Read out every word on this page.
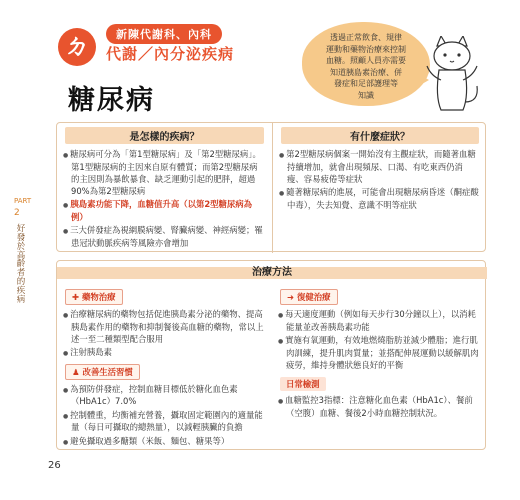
PART
2
好
發
於
高
齡
者
的
疾
病
ㄉ	新陳代謝科、內科
代謝／內分泌疾病
糖尿病
透過正常飲食、規律
運動和藥物治療來控制
血糖。照顧人員亦需要
知道胰島素治療、併
發症和足部護理等
知識
是怎樣的疾病？
● 糖尿病可分為「第1型糖尿病」及「第2型糖尿病」。第1型糖尿病的主因來自原有體質；而第2型糖尿病的主因則為暴飲暴食、缺乏運動引起的肥胖，超過90%為第2型糖尿病
● 胰島素功能下降，血糖值升高（以第2型糖尿病為例）
● 三大併發症為視網膜病變、腎臟病變、神經病變；罹患冠狀動脈疾病等風險亦會增加
有什麼症狀？
● 第2型糖尿病個案一開始沒有主觀症狀，而隨著血糖持續增加，就會出現頻尿、口渴、有吃東西仍消瘦、容易疲倦等症狀
● 隨著糖尿病的進展，可能會出現糖尿病昏迷（酮症酸中毒），失去知覺、意識不明等症狀
治療方法
✚ 藥物治療
● 治療糖尿病的藥物包括促進胰島素分泌的藥物、提高胰島素作用的藥物和抑制餐後高血糖的藥物，常以上述一至二種類型配合服用
● 注射胰島素
♟ 改善生活習慣
● 為預防併發症，控制血糖目標低於糖化血色素（HbA1c）7.0%
● 控制體重，均衡補充營養，攝取固定範圍內的適量能量（每日可攝取的總熱量），以減輕胰臟的負擔
● 避免攝取過多醣類（米飯、麵包、糖果等）
➜ 復健治療
● 每天適度運動（例如每天步行30分鐘以上），以消耗能量並改善胰島素功能
● 實施有氧運動，有效地燃燒脂肪並減少體脂；進行肌肉訓練，提升肌肉質量；並搭配伸展運動以緩解肌肉疲勞，維持身體狀態良好的平衡
日常檢測
● 血糖監控3指標：注意糖化血色素（HbA1c）、餐前（空腹）血糖、餐後2小時血糖控制狀況。
26
